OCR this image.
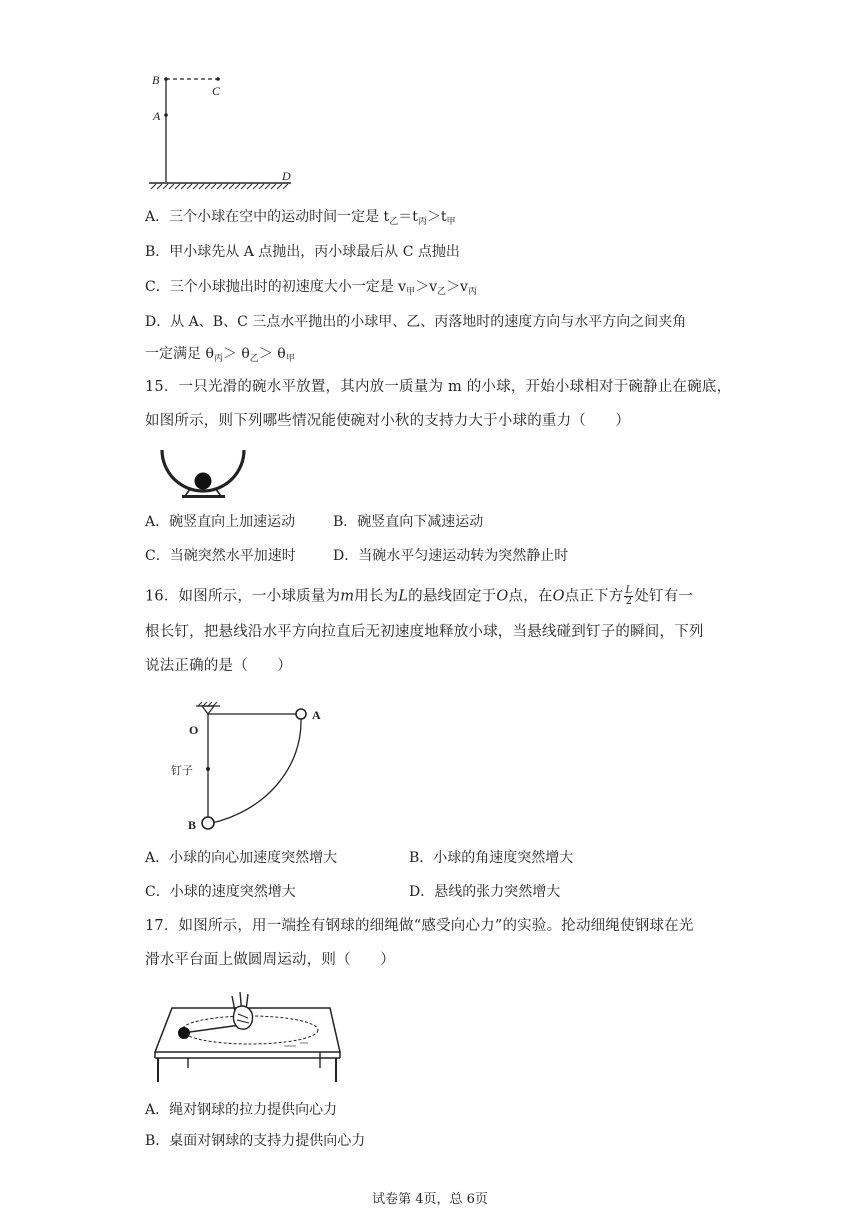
B
C
A
D
A．三个小球在空中的运动时间一定是 $t_乙=t_丙>t_甲$
B．甲小球先从 A 点抛出，丙小球最后从 C 点抛出
C．三个小球抛出时的初速度大小一定是 $v_甲>v_乙>v_丙$
D．从 A、B、C 三点水平抛出的小球甲、乙、丙落地时的速度方向与水平方向之间夹角
一定满足 $\theta_丙> \theta_乙> \theta_甲$
15．一只光滑的碗水平放置，其内放一质量为 m 的小球，开始小球相对于碗静止在碗底，
如图所示，则下列哪些情况能使碗对小秋的支持力大于小球的重力（　　）
A．碗竖直向上加速运动	B．碗竖直向下减速运动
C．当碗突然水平加速时	D．当碗水平匀速运动转为突然静止时
16．如图所示，一小球质量为m用长为L的悬线固定于O点，在O点正下方 $\frac{L}{2}$ 处钉有一
根长钉，把悬线沿水平方向拉直后无初速度地释放小球，当悬线碰到钉子的瞬间，下列
说法正确的是（　　）
O
A
钉子
B
A．小球的向心加速度突然增大	B．小球的角速度突然增大
C．小球的速度突然增大	D．悬线的张力突然增大
17．如图所示，用一端拴有钢球的细绳做“感受向心力”的实验。抡动细绳使钢球在光
滑水平台面上做圆周运动，则（　　）
A．绳对钢球的拉力提供向心力
B．桌面对钢球的支持力提供向心力
试卷第 4页，总 6页
